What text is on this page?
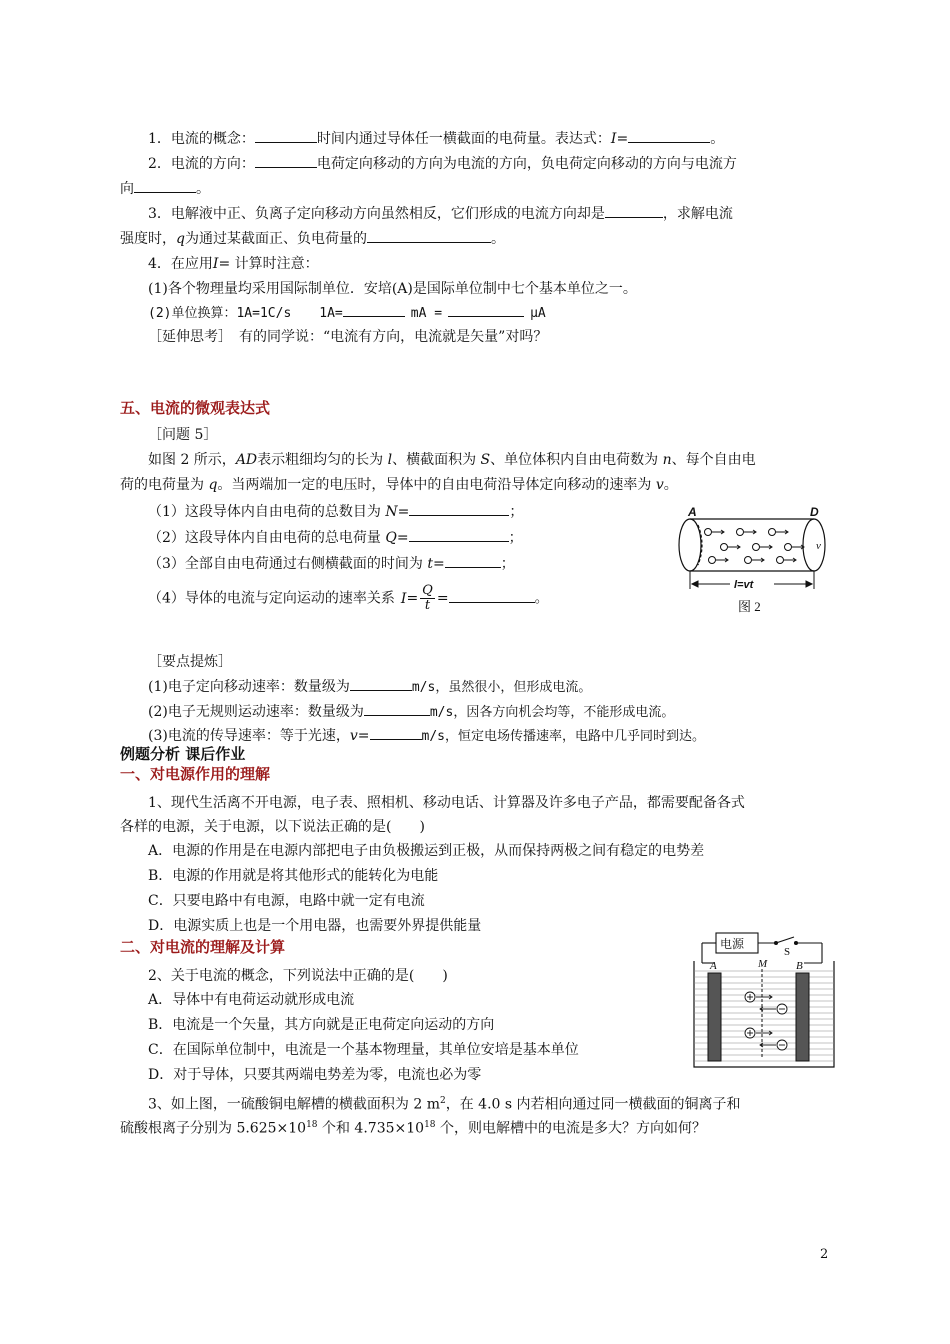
1．电流的概念：	时间内通过导体任一横截面的电荷量。表达式：I=	。
2．电流的方向：	电荷定向移动的方向为电流的方向，负电荷定向移动的方向与电流方
向	。
3．电解液中正、负离子定向移动方向虽然相反，它们形成的电流方向却是	，求解电流
强度时，q为通过某截面正、负电荷量的	。
4．在应用I= 计算时注意：
(1)各个物理量均采用国际制单位．安培(A)是国际单位制中七个基本单位之一。
(2)单位换算：1A=1C/s 1A=	mA =	μA
［延伸思考］　有的同学说：“电流有方向，电流就是矢量”对吗？
五、电流的微观表达式
［问题 5］
如图 2 所示，AD表示粗细均匀的长为 l、横截面积为 S、单位体积内自由电荷数为 n、每个自由电
荷的电荷量为 q。当两端加一定的电压时，导体中的自由电荷沿导体定向移动的速率为 v。
（1）这段导体内自由电荷的总数目为 N=	；
（2）这段导体内自由电荷的总电荷量 Q=	；
（3）全部自由电荷通过右侧横截面的时间为 t=	；
（4）导体的电流与定向运动的速率关系 $I= \frac{Q}{t}$ =	。
A	D
v
l=vt
图 2
［要点提炼］
(1)电子定向移动速率：数量级为	m/s，虽然很小，但形成电流。
(2)电子无规则运动速率：数量级为	m/s，因各方向机会均等，不能形成电流。
(3)电流的传导速率：等于光速，v=	m/s，恒定电场传播速率，电路中几乎同时到达。
例题分析 课后作业
一、对电源作用的理解
1、现代生活离不开电源，电子表、照相机、移动电话、计算器及许多电子产品，都需要配备各式
各样的电源，关于电源，以下说法正确的是(　　)
A．电源的作用是在电源内部把电子由负极搬运到正极，从而保持两极之间有稳定的电势差
B．电源的作用就是将其他形式的能转化为电能
C．只要电路中有电源，电路中就一定有电流
D．电源实质上也是一个用电器，也需要外界提供能量
二、对电流的理解及计算
2、关于电流的概念，下列说法中正确的是(　　)
A．导体中有电荷运动就形成电流
B．电流是一个矢量，其方向就是正电荷定向运动的方向
C．在国际单位制中，电流是一个基本物理量，其单位安培是基本单位
D．对于导体，只要其两端电势差为零，电流也必为零
3、如上图，一硫酸铜电解槽的横截面积为 2 $m^2$，在 4.0 s 内若相向通过同一横截面的铜离子和
硫酸根离子分别为 $5.625\times 10^{18}$ 个和 $4.735\times 10^{18}$ 个，则电解槽中的电流是多大？方向如何？
电源
S
A	M	B
2
